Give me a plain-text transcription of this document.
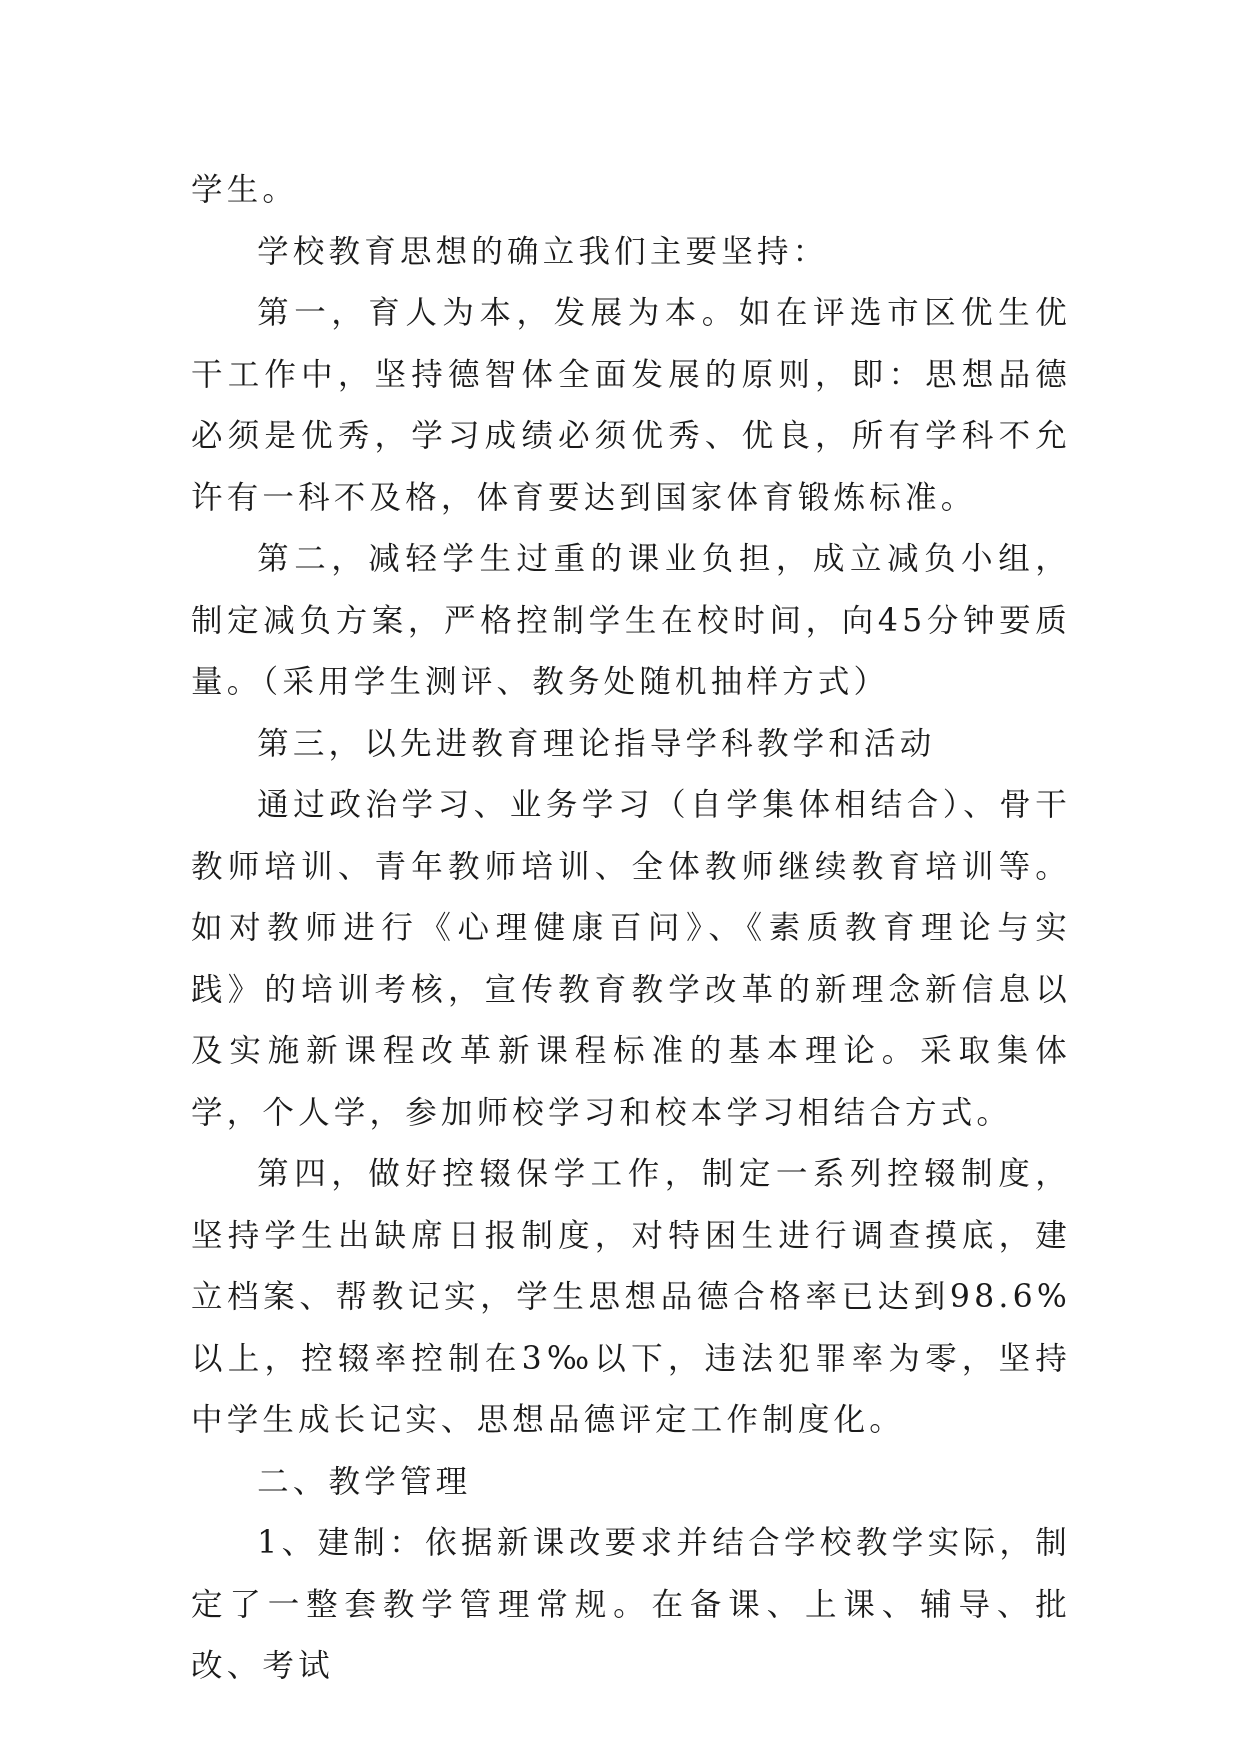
学生。

学校教育思想的确立我们主要坚持：

第一，育人为本，发展为本。如在评选市区优生优干工作中，坚持德智体全面发展的原则，即：思想品德必须是优秀，学习成绩必须优秀、优良，所有学科不允许有一科不及格，体育要达到国家体育锻炼标准。

第二，减轻学生过重的课业负担，成立减负小组，制定减负方案，严格控制学生在校时间，向45分钟要质量。（采用学生测评、教务处随机抽样方式）

第三，以先进教育理论指导学科教学和活动

通过政治学习、业务学习（自学集体相结合）、骨干教师培训、青年教师培训、全体教师继续教育培训等。如对教师进行《心理健康百问》、《素质教育理论与实践》的培训考核，宣传教育教学改革的新理念新信息以及实施新课程改革新课程标准的基本理论。采取集体学，个人学，参加师校学习和校本学习相结合方式。

第四，做好控辍保学工作，制定一系列控辍制度，坚持学生出缺席日报制度，对特困生进行调查摸底，建立档案、帮教记实，学生思想品德合格率已达到98.6%以上，控辍率控制在3‰以下，违法犯罪率为零，坚持中学生成长记实、思想品德评定工作制度化。

二、教学管理

1、建制：依据新课改要求并结合学校教学实际，制定了一整套教学管理常规。在备课、上课、辅导、批改、考试
